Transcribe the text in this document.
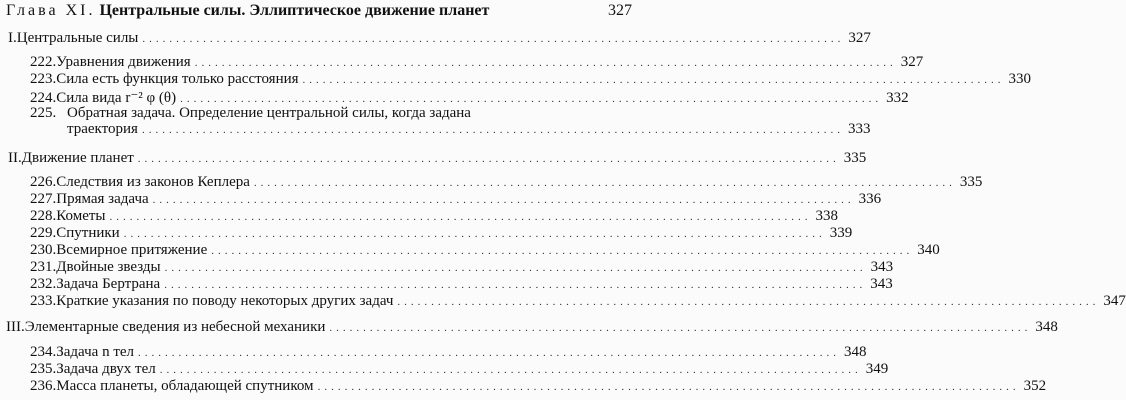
Глава XI.
Центральные силы. Эллиптическое движение планет	327
I. Центральные силы ........................................................................................................ 327
222. Уравнения движения ........................................................................................................ 327
223. Сила есть функция только расстояния ........................................................................................................ 330
224. Сила вида r⁻² φ (θ) ........................................................................................................ 332
225. Обратная задача. Определение центральной силы, когда задана
траектория ........................................................................................................ 333
II. Движение планет ........................................................................................................ 335
226. Следствия из законов Кеплера ........................................................................................................ 335
227. Прямая задача ........................................................................................................ 336
228. Кометы ........................................................................................................ 338
229. Спутники ........................................................................................................ 339
230. Всемирное притяжение ........................................................................................................ 340
231. Двойные звезды ........................................................................................................ 343
232. Задача Бертрана ........................................................................................................ 343
233. Краткие указания по поводу некоторых других задач ........................................................................................................ 347
III. Элементарные сведения из небесной механики ........................................................................................................ 348
234. Задача n тел ........................................................................................................ 348
235. Задача двух тел ........................................................................................................ 349
236. Масса планеты, обладающей спутником ........................................................................................................ 352
